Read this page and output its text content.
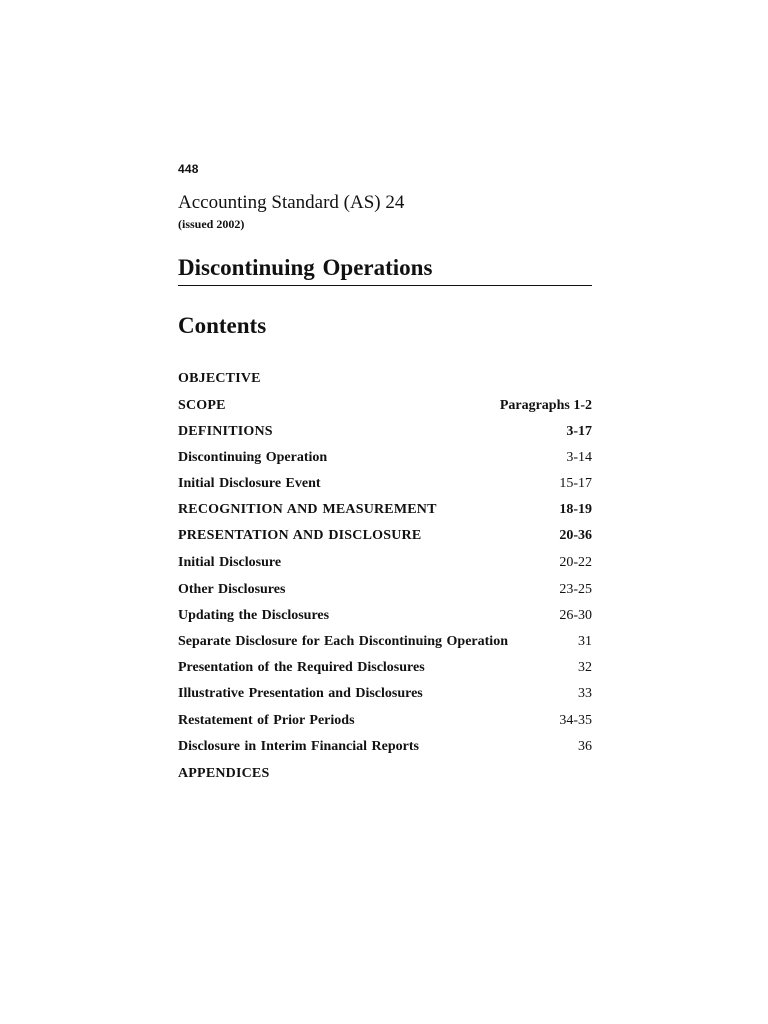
448
Accounting Standard (AS) 24
(issued 2002)
Discontinuing Operations
Contents
OBJECTIVE
SCOPE	Paragraphs 1-2
DEFINITIONS	3-17
Discontinuing Operation	3-14
Initial Disclosure Event	15-17
RECOGNITION AND MEASUREMENT	18-19
PRESENTATION AND DISCLOSURE	20-36
Initial Disclosure	20-22
Other Disclosures	23-25
Updating the Disclosures	26-30
Separate Disclosure for Each Discontinuing Operation	31
Presentation of the Required Disclosures	32
Illustrative Presentation and Disclosures	33
Restatement of Prior Periods	34-35
Disclosure in Interim Financial Reports	36
APPENDICES
